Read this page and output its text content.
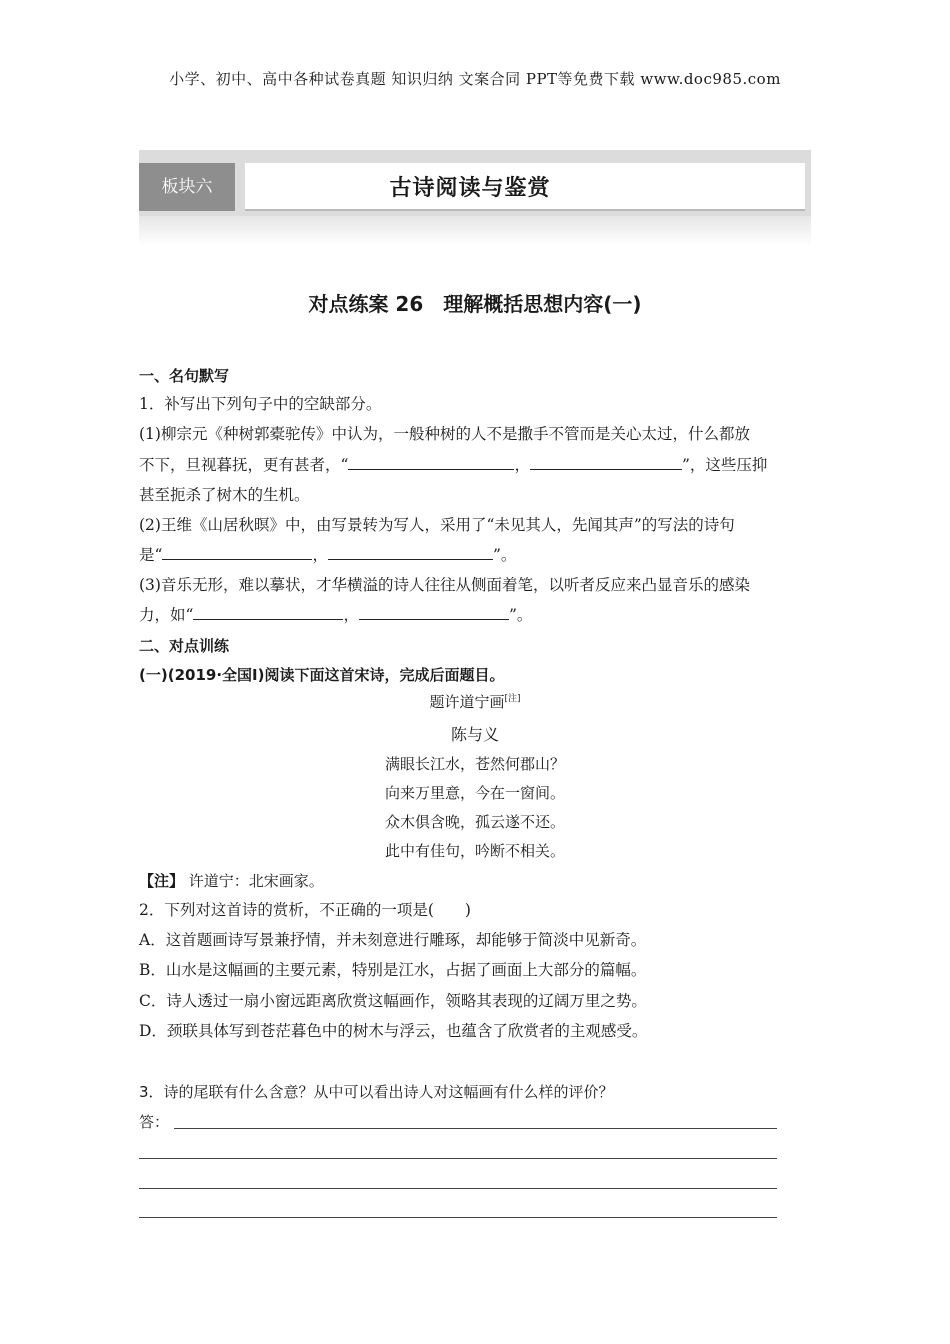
小学、初中、高中各种试卷真题 知识归纳 文案合同 PPT等免费下载 www.doc985.com
板块六	古诗阅读与鉴赏
对点练案 26　理解概括思想内容(一)
一、名句默写
1．补写出下列句子中的空缺部分。
(1)柳宗元《种树郭橐驼传》中认为，一般种树的人不是撒手不管而是关心太过，什么都放
不下，旦视暮抚，更有甚者，“	，	”，这些压抑
甚至扼杀了树木的生机。
(2)王维《山居秋暝》中，由写景转为写人，采用了“未见其人，先闻其声”的写法的诗句
是“	，	”。
(3)音乐无形，难以摹状，才华横溢的诗人往往从侧面着笔，以听者反应来凸显音乐的感染
力，如“	，	”。
二、对点训练
(一)(2019·全国Ⅰ)阅读下面这首宋诗，完成后面题目。
题许道宁画[注]
陈与义
满眼长江水，苍然何郡山？
向来万里意，今在一窗间。
众木俱含晚，孤云遂不还。
此中有佳句，吟断不相关。
【注】 许道宁：北宋画家。
2．下列对这首诗的赏析，不正确的一项是(　　)
A．这首题画诗写景兼抒情，并未刻意进行雕琢，却能够于简淡中见新奇。
B．山水是这幅画的主要元素，特别是江水，占据了画面上大部分的篇幅。
C．诗人透过一扇小窗远距离欣赏这幅画作，领略其表现的辽阔万里之势。
D．颈联具体写到苍茫暮色中的树木与浮云，也蕴含了欣赏者的主观感受。
3．诗的尾联有什么含意？从中可以看出诗人对这幅画有什么样的评价？
答：
